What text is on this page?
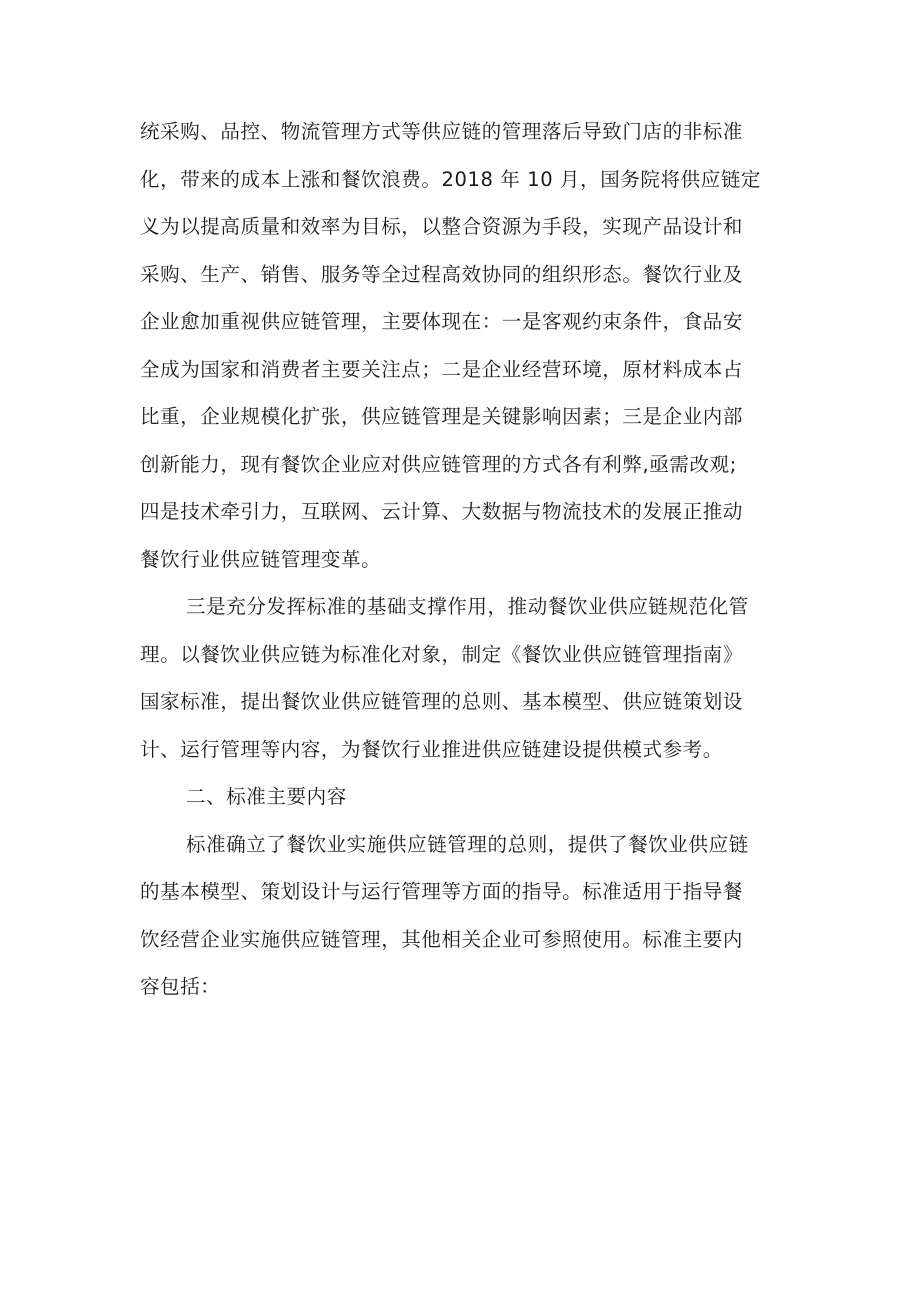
统采购、品控、物流管理方式等供应链的管理落后导致门店的非标准
化，带来的成本上涨和餐饮浪费。2018 年 10 月，国务院将供应链定
义为以提高质量和效率为目标，以整合资源为手段，实现产品设计和
采购、生产、销售、服务等全过程高效协同的组织形态。餐饮行业及
企业愈加重视供应链管理，主要体现在：一是客观约束条件，食品安
全成为国家和消费者主要关注点；二是企业经营环境，原材料成本占
比重，企业规模化扩张，供应链管理是关键影响因素；三是企业内部
创新能力，现有餐饮企业应对供应链管理的方式各有利弊,亟需改观;
四是技术牵引力，互联网、云计算、大数据与物流技术的发展正推动
餐饮行业供应链管理变革。
三是充分发挥标准的基础支撑作用，推动餐饮业供应链规范化管
理。以餐饮业供应链为标准化对象，制定《餐饮业供应链管理指南》
国家标准，提出餐饮业供应链管理的总则、基本模型、供应链策划设
计、运行管理等内容，为餐饮行业推进供应链建设提供模式参考。
二、标准主要内容
标准确立了餐饮业实施供应链管理的总则，提供了餐饮业供应链
的基本模型、策划设计与运行管理等方面的指导。标准适用于指导餐
饮经营企业实施供应链管理，其他相关企业可参照使用。标准主要内
容包括：
